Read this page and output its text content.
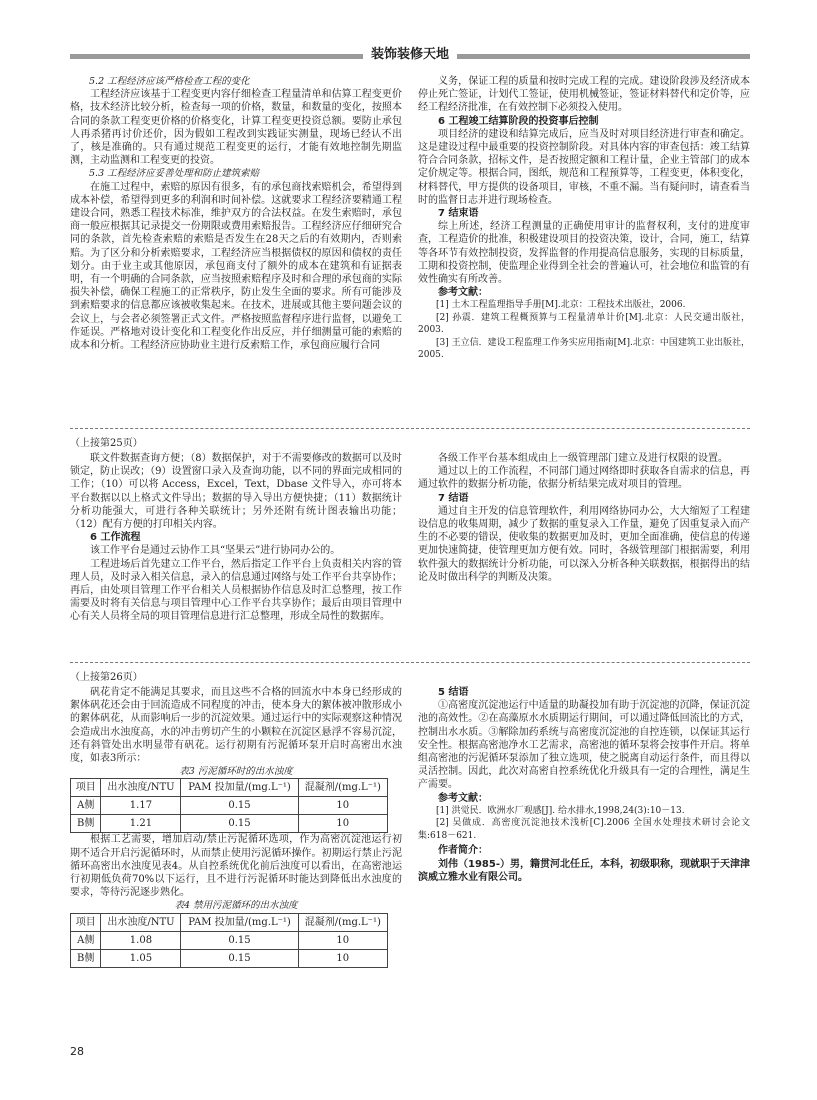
装饰装修天地

5.2 工程经济应该严格检查工程的变化

工程经济应该基于工程变更内容仔细检查工程量清单和估算工程变更价格，技术经济比较分析，检查每一项的价格，数量，和数量的变化，按照本合同的条款工程变更价格的价格变化，计算工程变更投资总额。要防止承包人再杀猪再讨价还价，因为假如工程改到实践证实测量，现场已经认不出了，核是准确的。只有通过规范工程变更的运行，才能有效地控制先期监测，主动监测和工程变更的投资。

5.3 工程经济应妥善处理和防止建筑索赔

在施工过程中，索赔的原因有很多，有的承包商找索赔机会，希望得到成本补偿，希望得到更多的利润和时间补偿。这就要求工程经济要精通工程建设合同，熟悉工程技术标准，维护双方的合法权益。在发生索赔时，承包商一般应根据其记录提交一份期限或费用索赔报告。工程经济应仔细研究合同的条款，首先检查索赔的索赔是否发生在28天之后的有效期内，否则索赔。为了区分和分析索赔要求，工程经济应当根据债权的原因和债权的责任划分。由于业主或其他原因，承包商支付了额外的成本在建筑和有证据表明，有一个明确的合同条款，应当按照索赔程序及时和合理的承包商的实际损失补偿，确保工程施工的正常秩序，防止发生全面的要求。所有可能涉及到索赔要求的信息都应该被收集起来。在技术，进展或其他主要问题会议的会议上，与会者必须签署正式文件。严格按照监督程序进行监督，以避免工作延误。严格地对设计变化和工程变化作出反应，并仔细测量可能的索赔的成本和分析。工程经济应协助业主进行反索赔工作，承包商应履行合同

义务，保证工程的质量和按时完成工程的完成。建设阶段涉及经济成本停止死亡签证，计划代工签证，使用机械签证，签证材料替代和定价等，应经工程经济批准，在有效控制下必须投入使用。

6 工程竣工结算阶段的投资事后控制

项目经济的建设和结算完成后，应当及时对项目经济进行审查和确定。这是建设过程中最重要的投资控制阶段。对具体内容的审查包括：竣工结算符合合同条款，招标文件，是否按照定额和工程计量，企业主管部门的成本定价规定等。根据合同，图纸，规范和工程预算等，工程变更，体积变化，材料替代，甲方提供的设备项目，审核，不重不漏。当有疑问时，请查看当时的监督日志并进行现场检查。

7 结束语

综上所述，经济工程测量的正确使用审计的监督权利，支付的进度审查，工程造价的批准，积极建设项目的投资决策，设计，合同，施工，结算等各环节有效控制投资，发挥监督的作用提高信息服务，实现的目标质量，工期和投资控制，使监理企业得到全社会的普遍认可，社会地位和监管的有效性确实有所改善。

参考文献：

[1] 土木工程监理指导手册[M].北京：工程技术出版社，2006.

[2] 孙震．建筑工程概预算与工程量清单计价[M].北京：人民交通出版社，2003.

[3] 王立信．建设工程监理工作务实应用指南[M].北京：中国建筑工业出版社，2005.

（上接第25页）

联文件数据查询方便；（8）数据保护，对于不需要修改的数据可以及时锁定，防止误改；（9）设置窗口录入及查询功能，以不同的界面完成相同的工作；（10）可以将 Access，Excel，Text，Dbase 文件导入，亦可将本平台数据以以上格式文件导出；数据的导入导出方便快捷；（11）数据统计分析功能强大，可进行各种关联统计；另外还附有统计图表输出功能；（12）配有方便的打印相关内容。

6 工作流程

该工作平台是通过云协作工具“坚果云”进行协同办公的。

工程进场后首先建立工作平台，然后指定工作平台上负责相关内容的管理人员，及时录入相关信息，录入的信息通过网络与处工作平台共享协作；再后，由处项目管理工作平台相关人员根据协作信息及时汇总整理，按工作需要及时将有关信息与项目管理中心工作平台共享协作；最后由项目管理中心有关人员将全局的项目管理信息进行汇总整理，形成全局性的数据库。

各级工作平台基本组成由上一级管理部门建立及进行权限的设置。

通过以上的工作流程，不同部门通过网络即时获取各自需求的信息，再通过软件的数据分析功能，依据分析结果完成对项目的管理。

7 结语

通过自主开发的信息管理软件，利用网络协同办公，大大缩短了工程建设信息的收集周期，减少了数据的重复录入工作量，避免了因重复录入而产生的不必要的错误，使收集的数据更加及时，更加全面准确，使信息的传递更加快速简捷，使管理更加方便有效。同时，各级管理部门根据需要，利用软件强大的数据统计分析功能，可以深入分析各种关联数据，根据得出的结论及时做出科学的判断及决策。

（上接第26页）

矾花肯定不能满足其要求，而且这些不合格的回流水中本身已经形成的絮体矾花还会由于回流造成不同程度的冲击，使本身大的絮体被冲散形成小的絮体矾花，从而影响后一步的沉淀效果。通过运行中的实际观察这种情况会造成出水浊度高，水的冲击剪切产生的小颗粒在沉淀区悬浮不容易沉淀，还有斜管处出水明显带有矾花。运行初期有污泥循环泵开启时高密出水浊度，如表3所示：

表3 污泥循环时的出水浊度

项目	出水浊度/NTU	PAM 投加量/(mg.L⁻¹)	混凝剂/(mg.L⁻¹)
A侧	1.17	0.15	10
B侧	1.21	0.15	10

根据工艺需要，增加启动/禁止污泥循环选项，作为高密沉淀池运行初期不适合开启污泥循环时，从而禁止使用污泥循环操作。初期运行禁止污泥循环高密出水浊度见表4。从自控系统优化前后浊度可以看出，在高密池运行初期低负荷70%以下运行，且不进行污泥循环时能达到降低出水浊度的要求，等待污泥逐步熟化。

表4 禁用污泥循环的出水浊度

项目	出水浊度/NTU	PAM 投加量/(mg.L⁻¹)	混凝剂/(mg.L⁻¹)
A侧	1.08	0.15	10
B侧	1.05	0.15	10
5 结语

①高密度沉淀池运行中适量的助凝投加有助于沉淀池的沉降，保证沉淀池的高效性。②在高藻原水水质期运行期间，可以通过降低回流比的方式，控制出水水质。③解除加药系统与高密度沉淀池的自控连锁，以保证其运行安全性。根据高密池净水工艺需求，高密池的循环泵将会按事件开启。将单组高密池的污泥循环泵添加了独立选项，使之脱离自动运行条件，而且得以灵活控制。因此，此次对高密自控系统优化升级具有一定的合理性，满足生产需要。

参考文献：

[1] 洪觉民．欧洲水厂观感[J]. 给水排水,1998,24(3):10－13.

[2] 吴做成．高密度沉淀池技术浅析[C].2006 全国水处理技术研讨会论文集:618－621.

作者简介：

刘伟（1985-）男，籍贯河北任丘，本科，初级职称，现就职于天津津滨威立雅水业有限公司。

28
